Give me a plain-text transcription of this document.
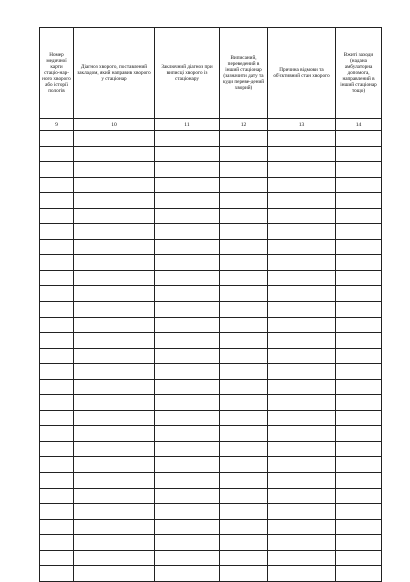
Номер медичної карти стаціо-нар-ного хворого або історії пологів	Діагноз хворого, поставлений закладом, який направив хворого у стаціонар	Заключний діагноз при виписці хворого із стаціонару	Виписаний, переведений в інший стаціонар (зазначити дату та куди переве-дений хворий)	Причина відмови та об'єктивний стан хворого	Вжиті заходи (надана амбулаторна допомога, направлений в інший стаціонар тощо)
9	10	11	12	13	14
